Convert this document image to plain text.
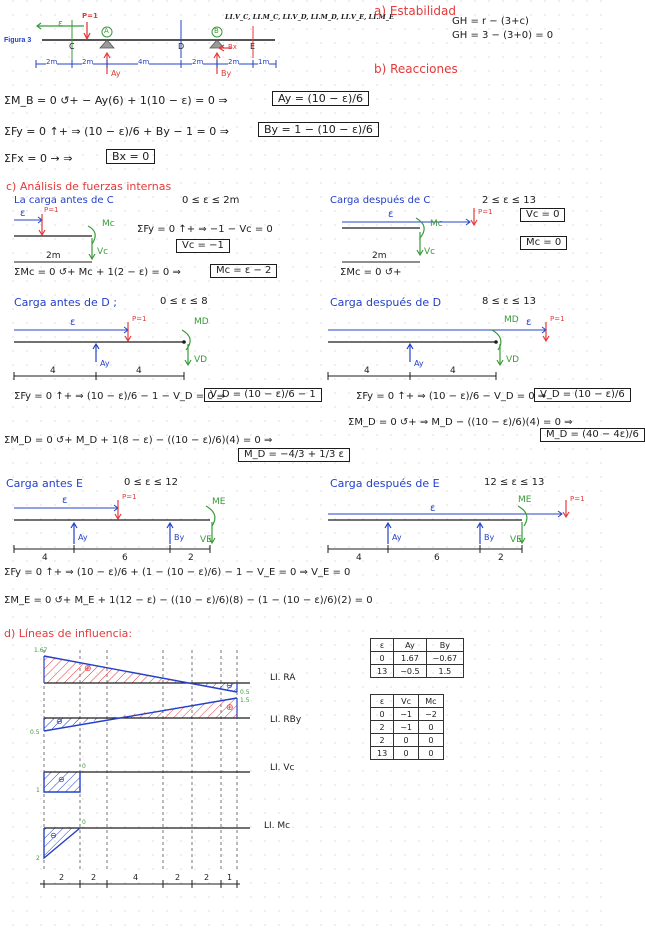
Figura 3
P=1
ε
C	D	E
A	B
Ay	By
Bx
2m	2m	4m	2m	2m	1m
LI.V_C, LI.M_C, LI.V_D, LI.M_D, LI.V_E, LI.M_E
a) Estabilidad
GH = r − (3+c)
GH = 3 − (3+0) = 0
b) Reacciones
ΣM_B = 0 ↺+ − Ay(6) + 1(10 − ε) = 0 ⇒	Ay = (10 − ε)/6
ΣFy = 0 ↑+ ⇒ (10 − ε)/6 + By − 1 = 0 ⇒	By = 1 − (10 − ε)/6
ΣFx = 0 → ⇒	Bx = 0
c) Análisis de fuerzas internas
La carga antes de C	0 ≤ ε ≤ 2m
ε	P=1
Mc
Vc
2m
ΣFy = 0 ↑+ ⇒ −1 − Vc = 0
Vc = −1
ΣMc = 0 ↺+ Mc + 1(2 − ε) = 0 ⇒	Mc = ε − 2
Carga después de C	2 ≤ ε ≤ 13
ε	P=1
Mc
Vc
2m
Vc = 0
Mc = 0
ΣMc = 0 ↺+
Carga antes de D ;	0 ≤ ε ≤ 8
ε	P=1	MD
VD
Ay
4	4
ΣFy = 0 ↑+ ⇒ (10 − ε)/6 − 1 − V_D = 0 ⇒
V_D = (10 − ε)/6 − 1
ΣM_D = 0 ↺+ M_D + 1(8 − ε) − ((10 − ε)/6)(4) = 0 ⇒
M_D = −4/3 + 1/3 ε
Carga después de D	8 ≤ ε ≤ 13
ε	P=1
MD
VD
Ay
4	4
ΣFy = 0 ↑+ ⇒ (10 − ε)/6 − V_D = 0 ⇒
V_D = (10 − ε)/6
ΣM_D = 0 ↺+ ⇒ M_D − ((10 − ε)/6)(4) = 0 ⇒
M_D = (40 − 4ε)/6
Carga antes E	0 ≤ ε ≤ 12
ε	P=1	ME
VE
Ay	By
4	6	2
ΣFy = 0 ↑+ ⇒ (10 − ε)/6 + (1 − (10 − ε)/6) − 1 − V_E = 0 ⇒ V_E = 0
ΣM_E = 0 ↺+ M_E + 1(12 − ε) − ((10 − ε)/6)(8) − (1 − (10 − ε)/6)(2) = 0
Carga después de E	12 ≤ ε ≤ 13
ε
P=1
ME
VE
Ay	By
4	6	2
d) Líneas de influencia:
LI. RA
LI. RBy
LI. Vc
LI. Mc
1.67
0.5
1.5
0.5
0
1
0
2
⊕
⊖
⊕
⊖
⊖
⊖
2	2	4	2	2 1
ε	Ay	By
0	1.67	−0.67
13	−0.5	1.5
ε	Vc	Mc
0	−1	−2
2	−1	0
2	0	0
13	0	0
